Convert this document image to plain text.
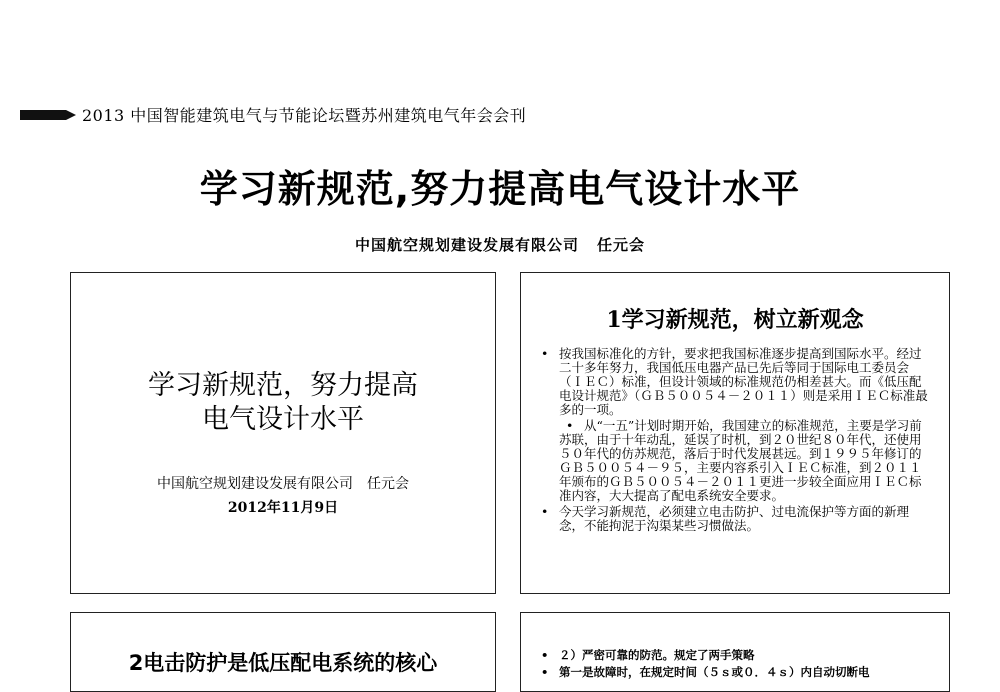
2013 中国智能建筑电气与节能论坛暨苏州建筑电气年会会刊
学习新规范,努力提高电气设计水平
中国航空规划建设发展有限公司 任元会
学习新规范，努力提高
电气设计水平
中国航空规划建设发展有限公司　任元会
2012年11月9日
1学习新规范，树立新观念
• 按我国标准化的方针，要求把我国标准逐步提高到国际水平。经过二十多年努力，我国低压电器产品已先后等同于国际电工委员会（ＩＥＣ）标准，但设计领域的标准规范仍相差甚大。而《低压配电设计规范》（ＧＢ５００５４－２０１１）则是采用ＩＥＣ标准最多的一项。
• 从“一五”计划时期开始，我国建立的标准规范，主要是学习前苏联，由于十年动乱，延误了时机，到２０世纪８０年代，还使用５０年代的仿苏规范，落后于时代发展甚远。到１９９５年修订的ＧＢ５００５４－９５，主要内容系引入ＩＥＣ标准，到２０１１年颁布的ＧＢ５００５４－２０１１更进一步较全面应用ＩＥＣ标准内容，大大提高了配电系统安全要求。
• 今天学习新规范，必须建立电击防护、过电流保护等方面的新理念，不能拘泥于沟渠某些习惯做法。
2电击防护是低压配电系统的核心
•	２）严密可靠的防范。规定了两手策略
• 第一是故障时，在规定时间（５ｓ或０．４ｓ）内自动切断电
